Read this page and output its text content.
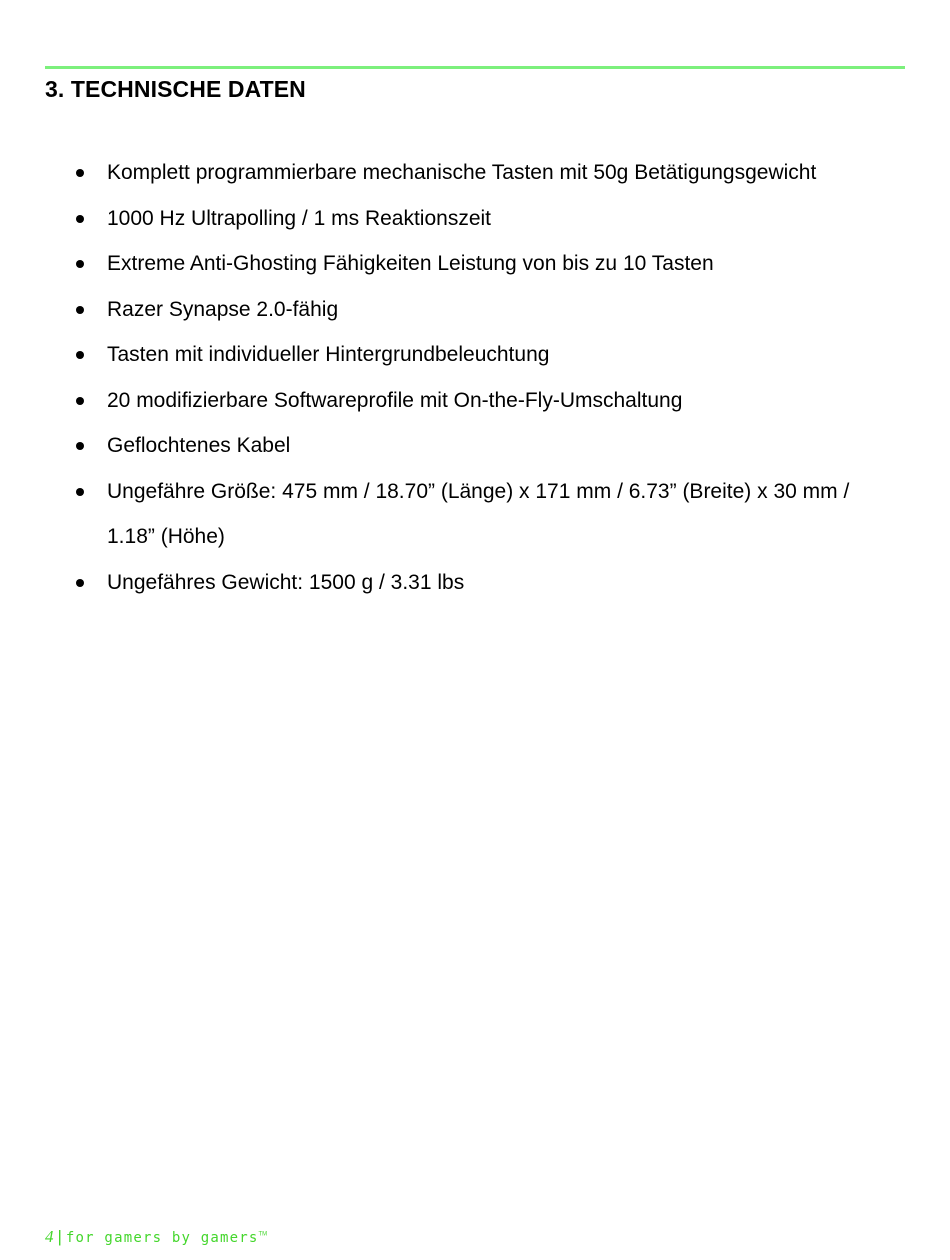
3. TECHNISCHE DATEN
Komplett programmierbare mechanische Tasten mit 50g Betätigungsgewicht
1000 Hz Ultrapolling / 1 ms Reaktionszeit
Extreme Anti-Ghosting Fähigkeiten Leistung von bis zu 10 Tasten
Razer Synapse 2.0-fähig
Tasten mit individueller Hintergrundbeleuchtung
20 modifizierbare Softwareprofile mit On-the-Fly-Umschaltung
Geflochtenes Kabel
Ungefähre Größe: 475 mm / 18.70” (Länge) x 171 mm / 6.73” (Breite) x 30 mm / 1.18” (Höhe)
Ungefähres Gewicht: 1500 g / 3.31 lbs
4 | for gamers by gamers™
